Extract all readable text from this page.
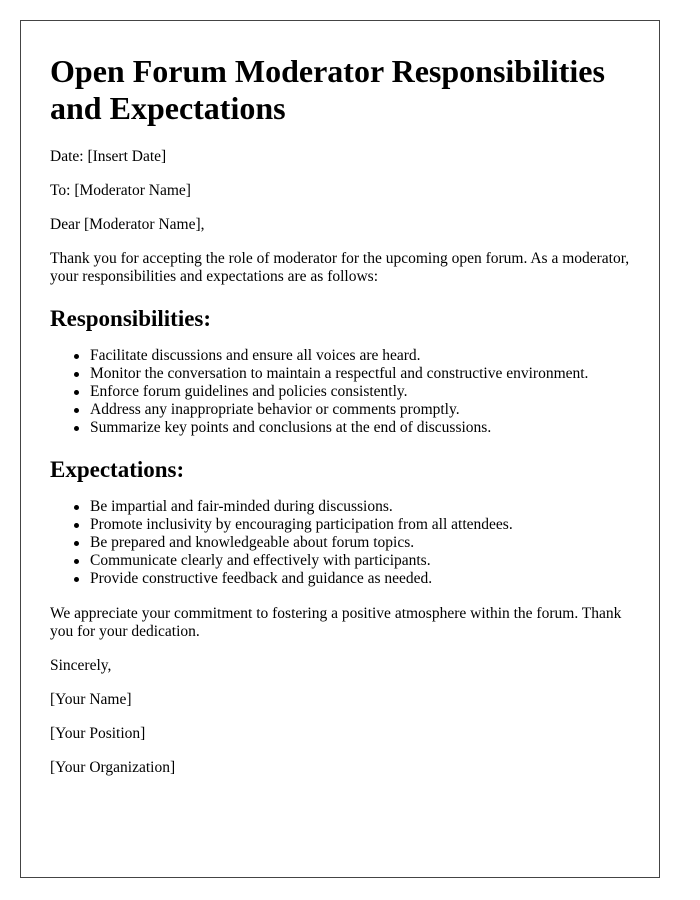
Open Forum Moderator Responsibilities and Expectations

Date: [Insert Date]

To: [Moderator Name]

Dear [Moderator Name],

Thank you for accepting the role of moderator for the upcoming open forum. As a moderator, your responsibilities and expectations are as follows:

Responsibilities:
Facilitate discussions and ensure all voices are heard.
Monitor the conversation to maintain a respectful and constructive environment.
Enforce forum guidelines and policies consistently.
Address any inappropriate behavior or comments promptly.
Summarize key points and conclusions at the end of discussions.
Expectations:
Be impartial and fair-minded during discussions.
Promote inclusivity by encouraging participation from all attendees.
Be prepared and knowledgeable about forum topics.
Communicate clearly and effectively with participants.
Provide constructive feedback and guidance as needed.

We appreciate your commitment to fostering a positive atmosphere within the forum. Thank you for your dedication.

Sincerely,

[Your Name]

[Your Position]

[Your Organization]
